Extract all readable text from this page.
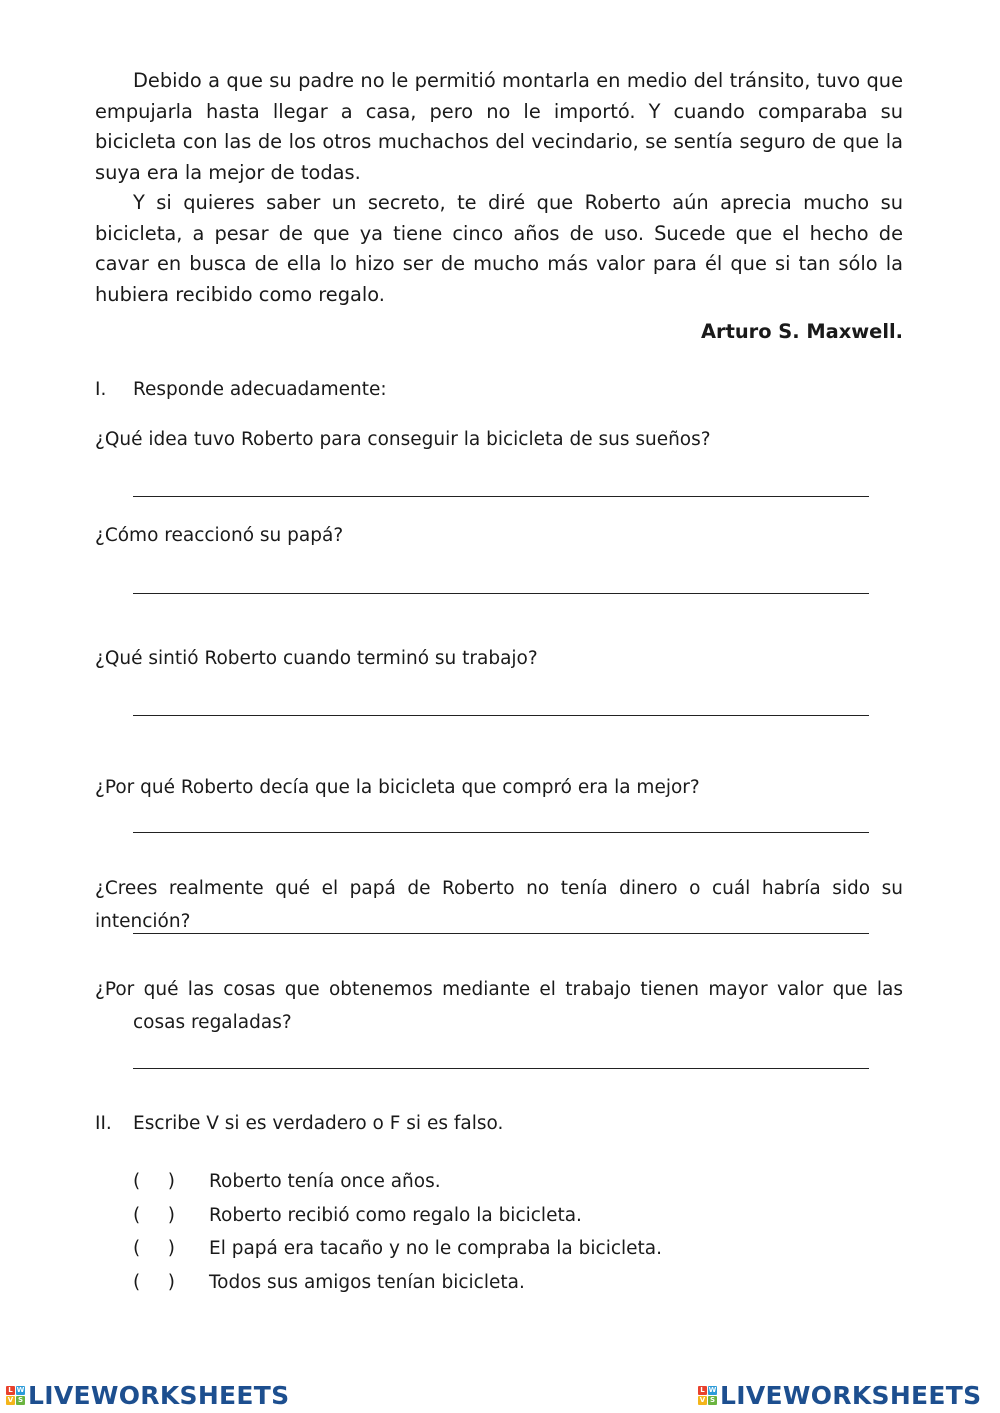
Debido a que su padre no le permitió montarla en medio del tránsito, tuvo que empujarla hasta llegar a casa, pero no le importó. Y cuando comparaba su bicicleta con las de los otros muchachos del vecindario, se sentía seguro de que la suya era la mejor de todas.

Y si quieres saber un secreto, te diré que Roberto aún aprecia mucho su bicicleta, a pesar de que ya tiene cinco años de uso. Sucede que el hecho de cavar en busca de ella lo hizo ser de mucho más valor para él que si tan sólo la hubiera recibido como regalo.

Arturo S. Maxwell.
I. Responde adecuadamente:
¿Qué idea tuvo Roberto para conseguir la bicicleta de sus sueños?
¿Cómo reaccionó su papá?
¿Qué sintió Roberto cuando terminó su trabajo?
¿Por qué Roberto decía que la bicicleta que compró era la mejor?
¿Crees realmente qué el papá de Roberto no tenía dinero o cuál habría sido su intención?
¿Por qué las cosas que obtenemos mediante el trabajo tienen mayor valor que las cosas regaladas?
II. Escribe V si es verdadero o F si es falso.
( ) Roberto tenía once años.
( ) Roberto recibió como regalo la bicicleta.
( ) El papá era tacaño y no le compraba la bicicleta.
( ) Todos sus amigos tenían bicicleta.
L W
V S LIVEWORKSHEETS	L W
V S LIVEWORKSHEETS
